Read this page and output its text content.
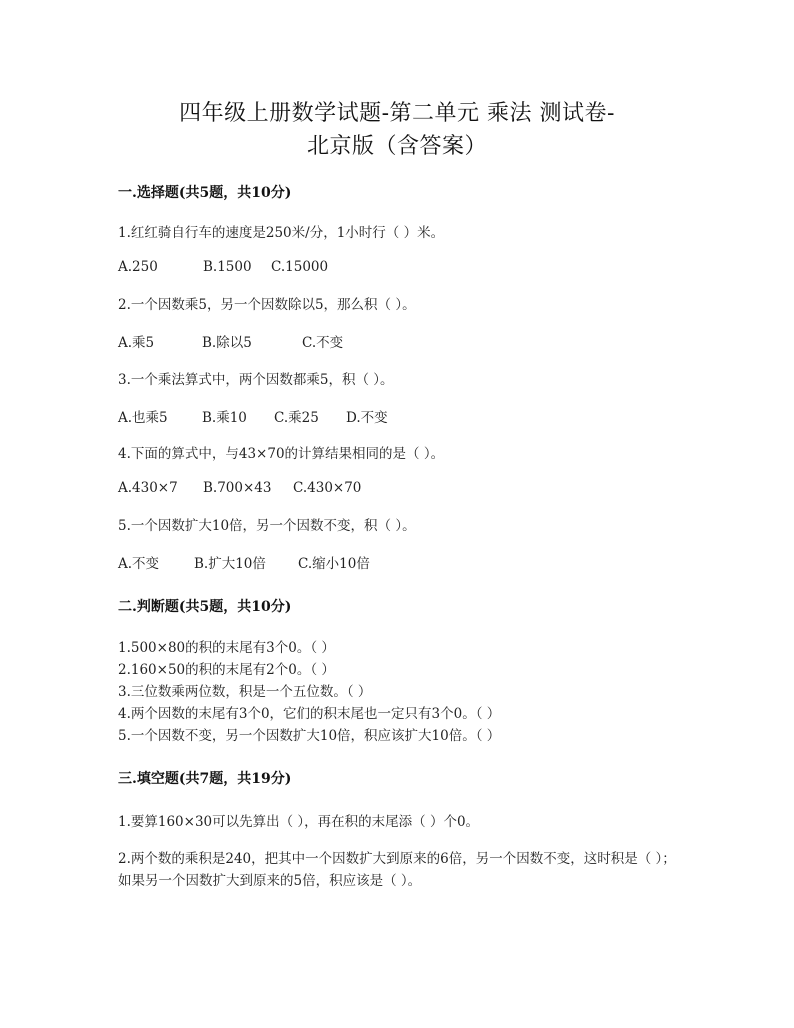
四年级上册数学试题-第二单元 乘法 测试卷-
北京版（含答案）
一.选择题(共5题，共10分)
1.红红骑自行车的速度是250米/分，1小时行（ ）米。
A.250	B.1500 C.15000
2.一个因数乘5，另一个因数除以5，那么积（ ）。
A.乘5	B.除以5	C.不变
3.一个乘法算式中，两个因数都乘5，积（ ）。
A.也乘5	B.乘10 C.乘25 D.不变
4.下面的算式中，与43×70的计算结果相同的是（ ）。
A.430×7 B.700×43 C.430×70
5.一个因数扩大10倍，另一个因数不变，积（ ）。
A.不变	B.扩大10倍 C.缩小10倍
二.判断题(共5题，共10分)
1.500×80的积的末尾有3个0。（ ）
2.160×50的积的末尾有2个0。（ ）
3.三位数乘两位数，积是一个五位数。（ ）
4.两个因数的末尾有3个0，它们的积末尾也一定只有3个0。（ ）
5.一个因数不变，另一个因数扩大10倍，积应该扩大10倍。（ ）
三.填空题(共7题，共19分)
1.要算160×30可以先算出（ ），再在积的末尾添（ ）个0。
2.两个数的乘积是240，把其中一个因数扩大到原来的6倍，另一个因数不变，这时积是（ ）；如果另一个因数扩大到原来的5倍，积应该是（ ）。
